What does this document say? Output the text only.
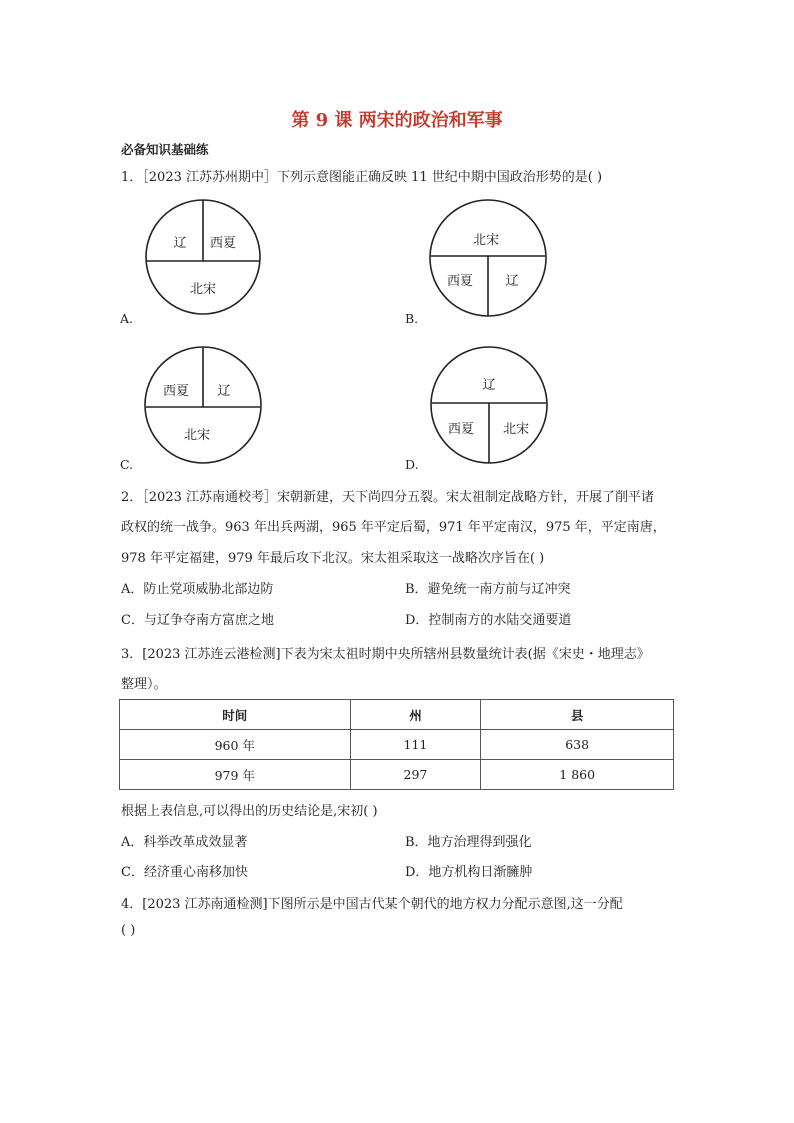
第 9 课 两宋的政治和军事
必备知识基础练
1．［2023 江苏苏州期中］下列示意图能正确反映 11 世纪中期中国政治形势的是( )
辽 西夏
北宋
A.
北宋
西夏 辽
B.
西夏 辽
北宋
C.
辽
西夏 北宋
D.
2．［2023 江苏南通校考］宋朝新建，天下尚四分五裂。宋太祖制定战略方针，开展了削平诸
政权的统一战争。963 年出兵两湖，965 年平定后蜀，971 年平定南汉，975 年，平定南唐，
978 年平定福建，979 年最后攻下北汉。宋太祖采取这一战略次序旨在( )
A．防止党项威胁北部边防	B．避免统一南方前与辽冲突
C．与辽争夺南方富庶之地	D．控制南方的水陆交通要道
3．[2023 江苏连云港检测]下表为宋太祖时期中央所辖州县数量统计表(据《宋史・地理志》
整理）。
时间	州	县
960 年	111	638
979 年	297	1 860
根据上表信息,可以得出的历史结论是,宋初( )
A．科举改革成效显著	B．地方治理得到强化
C．经济重心南移加快	D．地方机构日渐臃肿
4．[2023 江苏南通检测]下图所示是中国古代某个朝代的地方权力分配示意图,这一分配
( )
